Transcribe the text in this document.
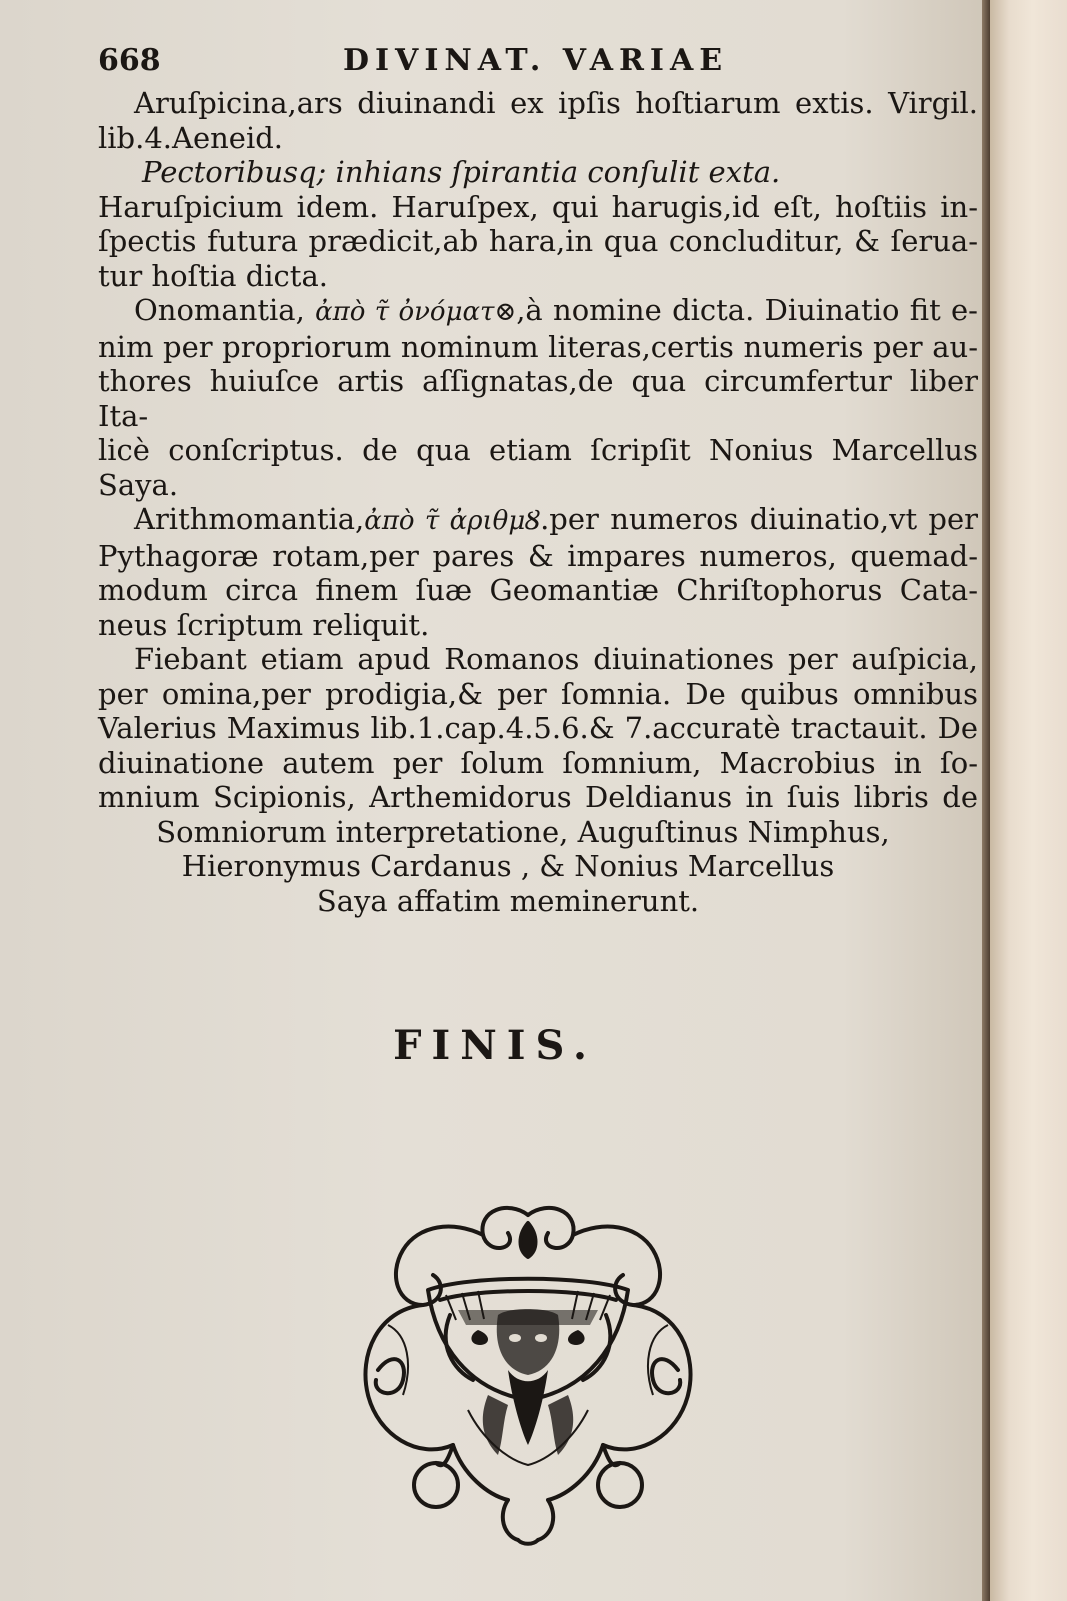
668	DIVINAT. VARIAE

Aruſpicina,ars diuinandi ex ipſis hoſtiarum extis. Virgil.

lib.4.Aeneid.

Pectoribusq; inhians ſpirantia conſulit exta.

Haruſpicium idem. Haruſpex, qui harugis,id eſt, hoſtiis in-

ſpectis futura prædicit,ab hara,in qua concluditur, & ſerua-

tur hoſtia dicta.

Onomantia, ἀπὸ τ̃ ὀνόματ⊗,à nomine dicta. Diuinatio fit e-

nim per propriorum nominum literas,certis numeris per au-

thores huiuſce artis aſſignatas,de qua circumfertur liber Ita-

licè conſcriptus. de qua etiam ſcripſit Nonius Marcellus

Saya.

Arithmomantia,ἀπὸ τ̃ ἀριθμȢ.per numeros diuinatio,vt per

Pythagoræ rotam,per pares & impares numeros, quemad-

modum circa finem ſuæ Geomantiæ Chriſtophorus Cata-

neus ſcriptum reliquit.

Fiebant etiam apud Romanos diuinationes per auſpicia,

per omina,per prodigia,& per ſomnia. De quibus omnibus

Valerius Maximus lib.1.cap.4.5.6.& 7.accuratè tractauit. De

diuinatione autem per ſolum ſomnium, Macrobius in ſo-

mnium Scipionis, Arthemidorus Deldianus in ſuis libris de

Somniorum interpretatione, Auguſtinus Nimphus,

Hieronymus Cardanus , & Nonius Marcellus

Saya affatim meminerunt.

FINIS.
